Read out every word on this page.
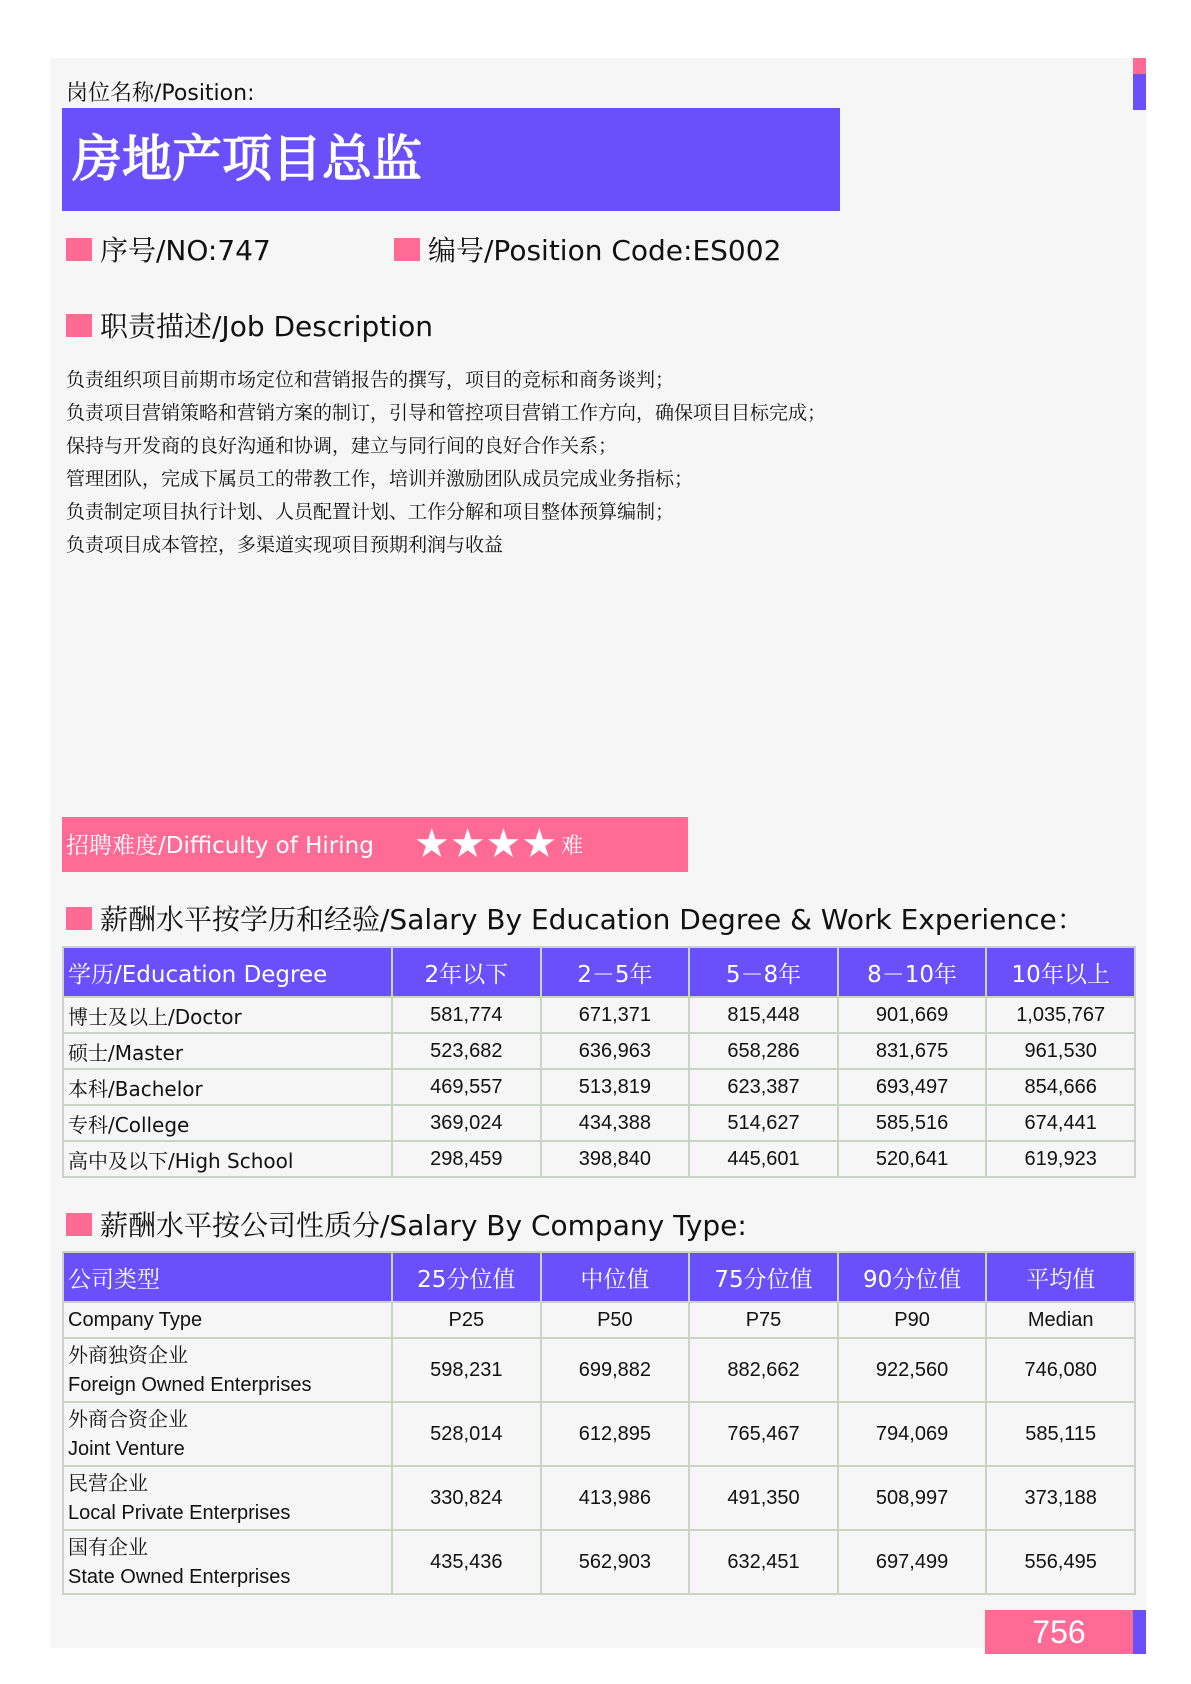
岗位名称/Position:
房地产项目总监
序号/NO:747	编号/Position Code:ES002
职责描述/Job Description
负责组织项目前期市场定位和营销报告的撰写，项目的竞标和商务谈判；
负责项目营销策略和营销方案的制订，引导和管控项目营销工作方向，确保项目目标完成；
保持与开发商的良好沟通和协调，建立与同行间的良好合作关系；
管理团队，完成下属员工的带教工作，培训并激励团队成员完成业务指标；
负责制定项目执行计划、人员配置计划、工作分解和项目整体预算编制；
负责项目成本管控，多渠道实现项目预期利润与收益
招聘难度/Difficulty of Hiring ★★★★ 难
薪酬水平按学历和经验/Salary By Education Degree & Work Experience：
学历/Education Degree	2年以下	2－5年	5－8年	8－10年	10年以上
博士及以上/Doctor	581,774	671,371	815,448	901,669	1,035,767
硕士/Master	523,682	636,963	658,286	831,675	961,530
本科/Bachelor	469,557	513,819	623,387	693,497	854,666
专科/College	369,024	434,388	514,627	585,516	674,441
高中及以下/High School	298,459	398,840	445,601	520,641	619,923
薪酬水平按公司性质分/Salary By Company Type:
公司类型	25分位值	中位值	75分位值	90分位值	平均值
Company Type	P25	P50	P75	P90	Median

外商独资企业
Foreign Owned Enterprises	598,231	699,882	882,662	922,560	746,080

外商合资企业
Joint Venture	528,014	612,895	765,467	794,069	585,115

民营企业
Local Private Enterprises	330,824	413,986	491,350	508,997	373,188

国有企业
State Owned Enterprises	435,436	562,903	632,451	697,499	556,495
756
